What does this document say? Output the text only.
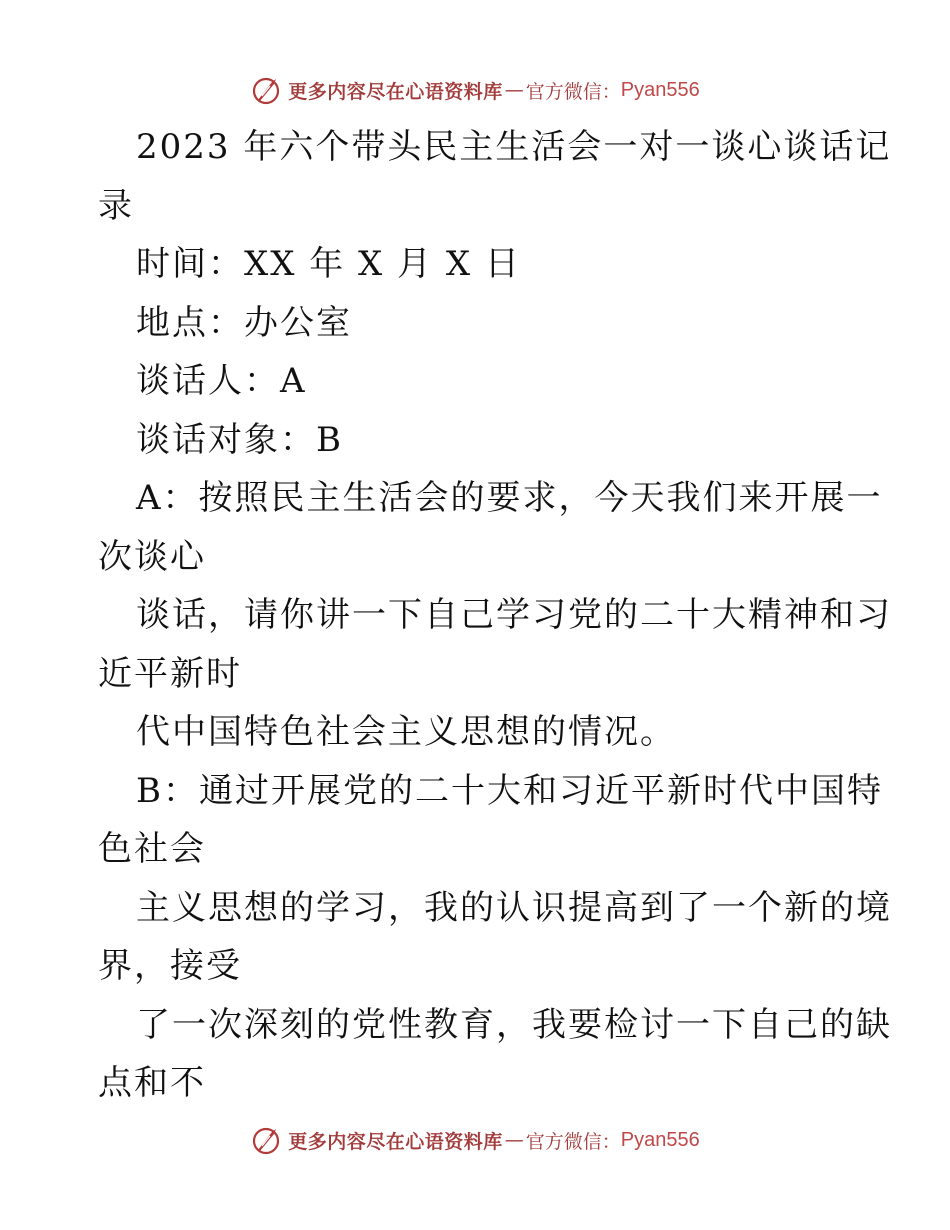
更多内容尽在心语资料库 — 官方微信： Pyan556
2023 年六个带头民主生活会一对一谈心谈话记
录
时间：XX 年 X 月 X 日
地点：办公室
谈话人：A
谈话对象：B
A：按照民主生活会的要求，今天我们来开展一
次谈心
谈话，请你讲一下自己学习党的二十大精神和习
近平新时
代中国特色社会主义思想的情况。
B：通过开展党的二十大和习近平新时代中国特
色社会
主义思想的学习，我的认识提高到了一个新的境
界，接受
了一次深刻的党性教育，我要检讨一下自己的缺
点和不
更多内容尽在心语资料库 — 官方微信： Pyan556
